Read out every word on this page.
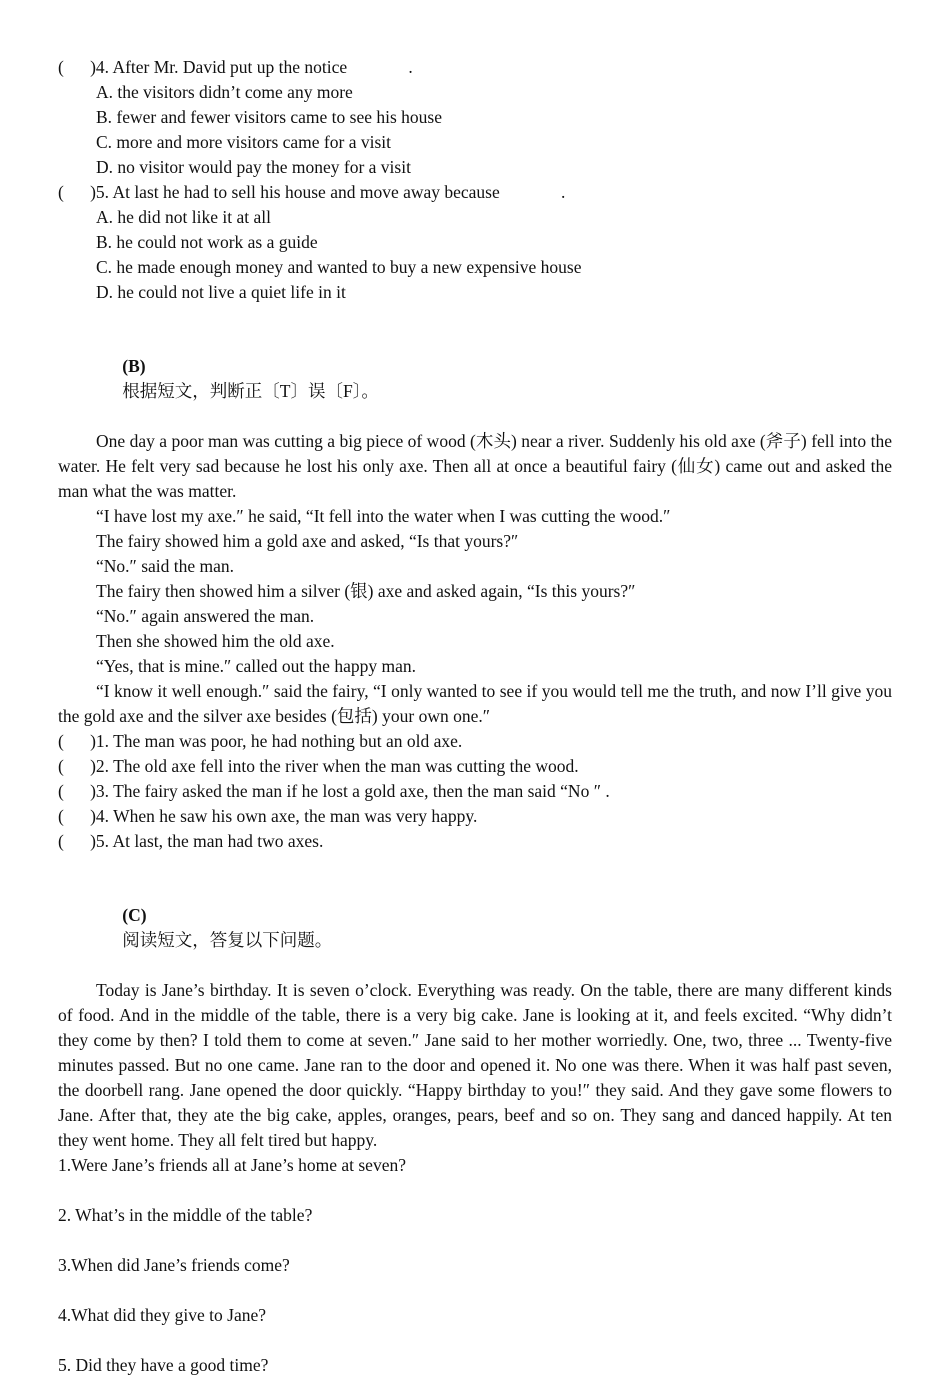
(      )4. After Mr. David put up the notice              .
A. the visitors didn’t come any more
B. fewer and fewer visitors came to see his house
C. more and more visitors came for a visit
D. no visitor would pay the money for a visit
(      )5. At last he had to sell his house and move away because              .
A. he did not like it at all
B. he could not work as a guide
C. he made enough money and wanted to buy a new expensive house
D. he could not live a quiet life in it

(B)
根据短文，判断正〔T〕误〔F〕。

One day a poor man was cutting a big piece of wood (木头) near a river. Suddenly his old axe (斧子) fell into the water. He felt very sad because he lost his only axe. Then all at once a beautiful fairy (仙女) came out and asked the man what the was matter.
“I have lost my axe.″ he said, “It fell into the water when I was cutting the wood.″
The fairy showed him a gold axe and asked, “Is that yours?″
“No.″ said the man.
The fairy then showed him a silver (银) axe and asked again, “Is this yours?″
“No.″ again answered the man.
Then she showed him the old axe.
“Yes, that is mine.″ called out the happy man.
“I know it well enough.″ said the fairy, “I only wanted to see if you would tell me the truth, and now I’ll give you the gold axe and the silver axe besides (包括) your own one.″
(      )1. The man was poor, he had nothing but an old axe.
(      )2. The old axe fell into the river when the man was cutting the wood.
(      )3. The fairy asked the man if he lost a gold axe, then the man said “No ″ .
(      )4. When he saw his own axe, the man was very happy.
(      )5. At last, the man had two axes.

(C)
阅读短文，答复以下问题。

Today is Jane’s birthday. It is seven o’clock. Everything was ready. On the table, there are many different kinds of food. And in the middle of the table, there is a very big cake. Jane is looking at it, and feels excited. “Why didn’t they come by then? I told them to come at seven.″ Jane said to her mother worriedly. One, two, three ... Twenty-five minutes passed. But no one came. Jane ran to the door and opened it. No one was there. When it was half past seven, the doorbell rang. Jane opened the door quickly. “Happy birthday to you!″ they said. And they gave some flowers to Jane. After that, they ate the big cake, apples, oranges, pears, beef and so on. They sang and danced happily. At ten they went home. They all felt tired but happy.
1.Were Jane’s friends all at Jane’s home at seven?
2. What’s in the middle of the table?
3.When did Jane’s friends come?
4.What did they give to Jane?
5. Did they have a good time?
